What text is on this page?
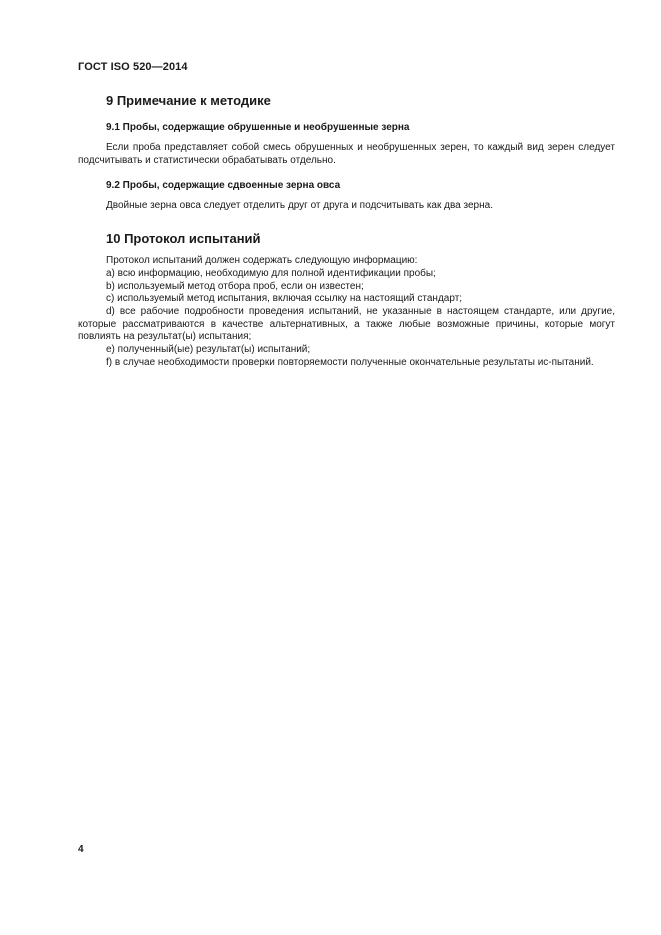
ГОСТ ISO 520—2014
9 Примечание к методике
9.1 Пробы, содержащие обрушенные и необрушенные зерна

Если проба представляет собой смесь обрушенных и необрушенных зерен, то каждый вид зерен следует подсчитывать и статистически обрабатывать отдельно.

9.2 Пробы, содержащие сдвоенные зерна овса

Двойные зерна овса следует отделить друг от друга и подсчитывать как два зерна.

10 Протокол испытаний

Протокол испытаний должен содержать следующую информацию:

а) всю информацию, необходимую для полной идентификации пробы;

b) используемый метод отбора проб, если он известен;

с) используемый метод испытания, включая ссылку на настоящий стандарт;

d) все рабочие подробности проведения испытаний, не указанные в настоящем стандарте, или другие, которые рассматриваются в качестве альтернативных, а также любые возможные причины, которые могут повлиять на результат(ы) испытания;

е) полученный(ые) результат(ы) испытаний;

f) в случае необходимости проверки повторяемости полученные окончательные результаты ис-пытаний.

4
